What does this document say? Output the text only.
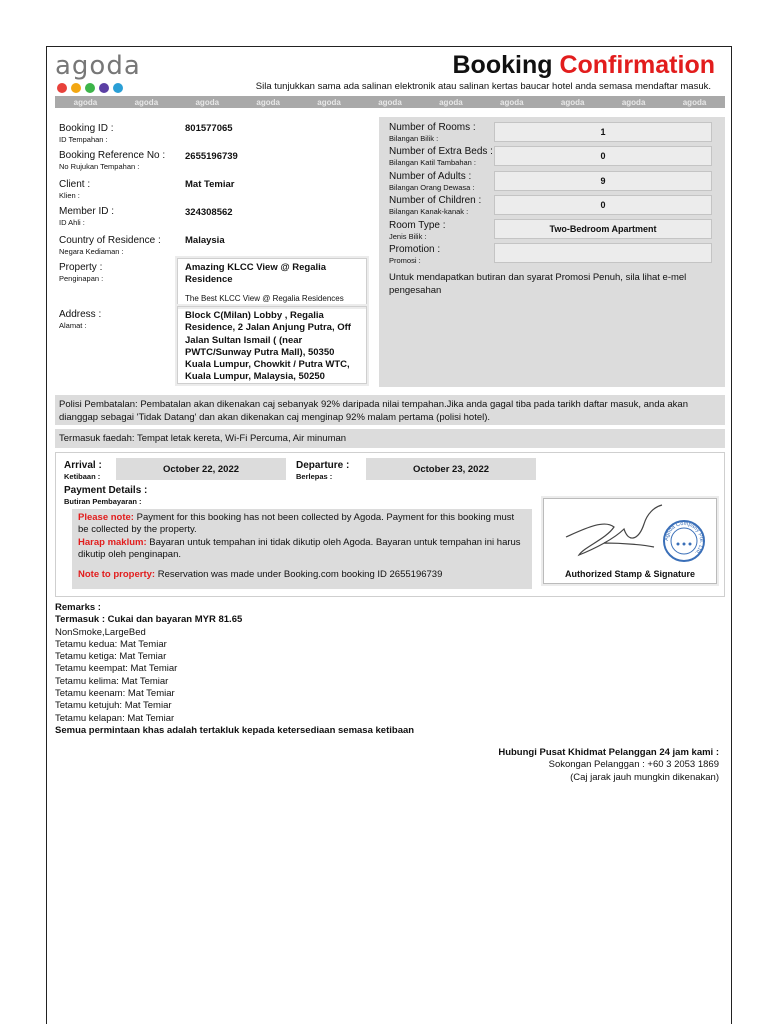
agoda	Booking Confirmation
Sila tunjukkan sama ada salinan elektronik atau salinan kertas baucar hotel anda semasa mendaftar masuk.
agoda	agoda	agoda	agoda	agoda	agoda	agoda	agoda	agoda	agoda	agoda
Booking ID :
ID Tempahan :
801577065
Booking Reference No :
No Rujukan Tempahan :
2655196739
Client :
Klien :
Mat Temiar
Member ID :
ID Ahli :
324308562
Country of Residence :
Negara Kediaman :
Malaysia
Property :
Penginapan :
Amazing KLCC View @ Regalia Residence
The Best KLCC View @ Regalia Residences
Address :
Alamat :
Block C(Milan) Lobby , Regalia Residence, 2 Jalan Anjung Putra, Off Jalan Sultan Ismail ( (near PWTC/Sunway Putra Mall), 50350 Kuala Lumpur, Chowkit / Putra WTC, Kuala Lumpur, Malaysia, 50250
Number of Rooms :
Bilangan Bilik :
1
Number of Extra Beds :
Bilangan Katil Tambahan :
0
Number of Adults :
Bilangan Orang Dewasa :
9
Number of Children :
Bilangan Kanak-kanak :
0
Room Type :
Jenis Bilik :
Two-Bedroom Apartment
Promotion :
Promosi :
Untuk mendapatkan butiran dan syarat Promosi Penuh, sila lihat e-mel pengesahan
Polisi Pembatalan: Pembatalan akan dikenakan caj sebanyak 92% daripada nilai tempahan.Jika anda gagal tiba pada tarikh daftar masuk, anda akan dianggap sebagai 'Tidak Datang' dan akan dikenakan caj menginap 92% malam pertama (polisi hotel).
Termasuk faedah: Tempat letak kereta, Wi-Fi Percuma, Air minuman
Arrival :
Ketibaan :
October 22, 2022	Departure :
Berlepas :
October 23, 2022
Payment Details :
Butiran Pembayaran :
Please note: Payment for this booking has not been collected by Agoda. Payment for this booking must be collected by the property.
Harap maklum: Bayaran untuk tempahan ini tidak dikutip oleh Agoda. Bayaran untuk tempahan ini harus dikutip oleh penginapan.
Note to property: Reservation was made under Booking.com booking ID 2655196739
Agoda Company Pte. Ltd.
Authorized Stamp & Signature
Remarks :
Termasuk : Cukai dan bayaran MYR 81.65
NonSmoke,LargeBed
Tetamu kedua: Mat Temiar
Tetamu ketiga: Mat Temiar
Tetamu keempat: Mat Temiar
Tetamu kelima: Mat Temiar
Tetamu keenam: Mat Temiar
Tetamu ketujuh: Mat Temiar
Tetamu kelapan: Mat Temiar
Semua permintaan khas adalah tertakluk kepada ketersediaan semasa ketibaan
Hubungi Pusat Khidmat Pelanggan 24 jam kami :
Sokongan Pelanggan : +60 3 2053 1869
(Caj jarak jauh mungkin dikenakan)
